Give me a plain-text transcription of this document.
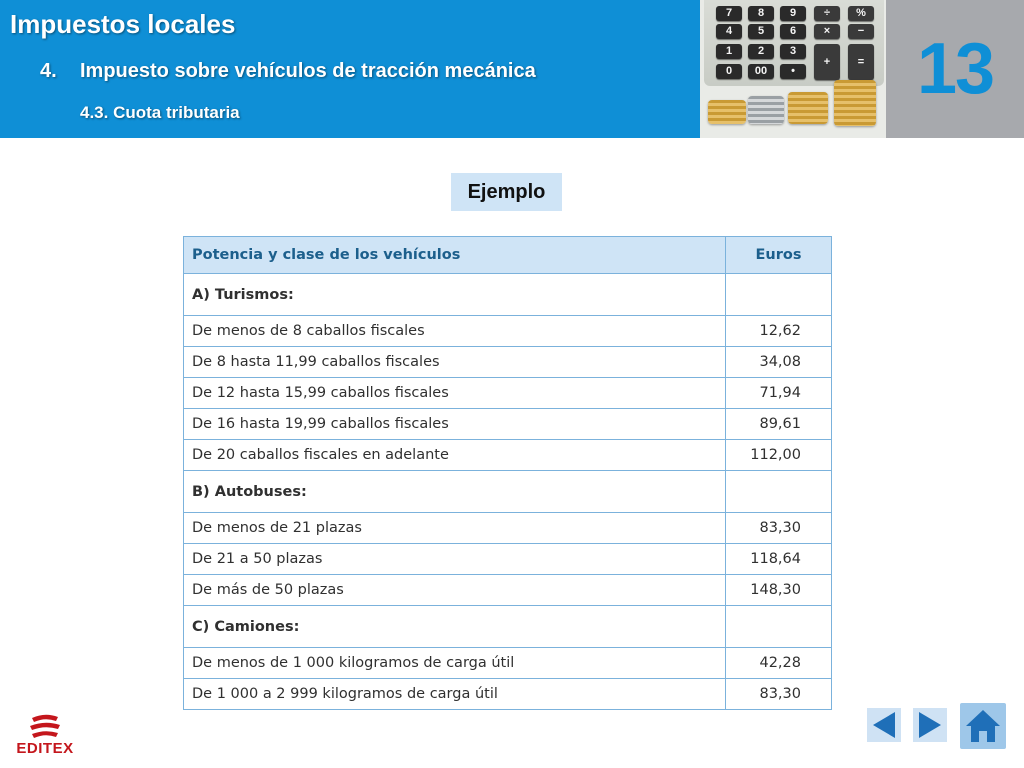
Impuestos locales
4. Impuesto sobre vehículos de tracción mecánica
4.3. Cuota tributaria
7	8	9	÷	%
4	5	6	×	−
1	2	3
+	=
0	00	•	13
Ejemplo
Potencia y clase de los vehículos	Euros
A) Turismos:	
De menos de 8 caballos fiscales	12,62
De 8 hasta 11,99 caballos fiscales	34,08
De 12 hasta 15,99 caballos fiscales	71,94
De 16 hasta 19,99 caballos fiscales	89,61
De 20 caballos fiscales en adelante	112,00
B) Autobuses:	
De menos de 21 plazas	83,30
De 21 a 50 plazas	118,64
De más de 50 plazas	148,30
C) Camiones:	
De menos de 1 000 kilogramos de carga útil	42,28
De 1 000 a 2 999 kilogramos de carga útil	83,30
EDITEX
